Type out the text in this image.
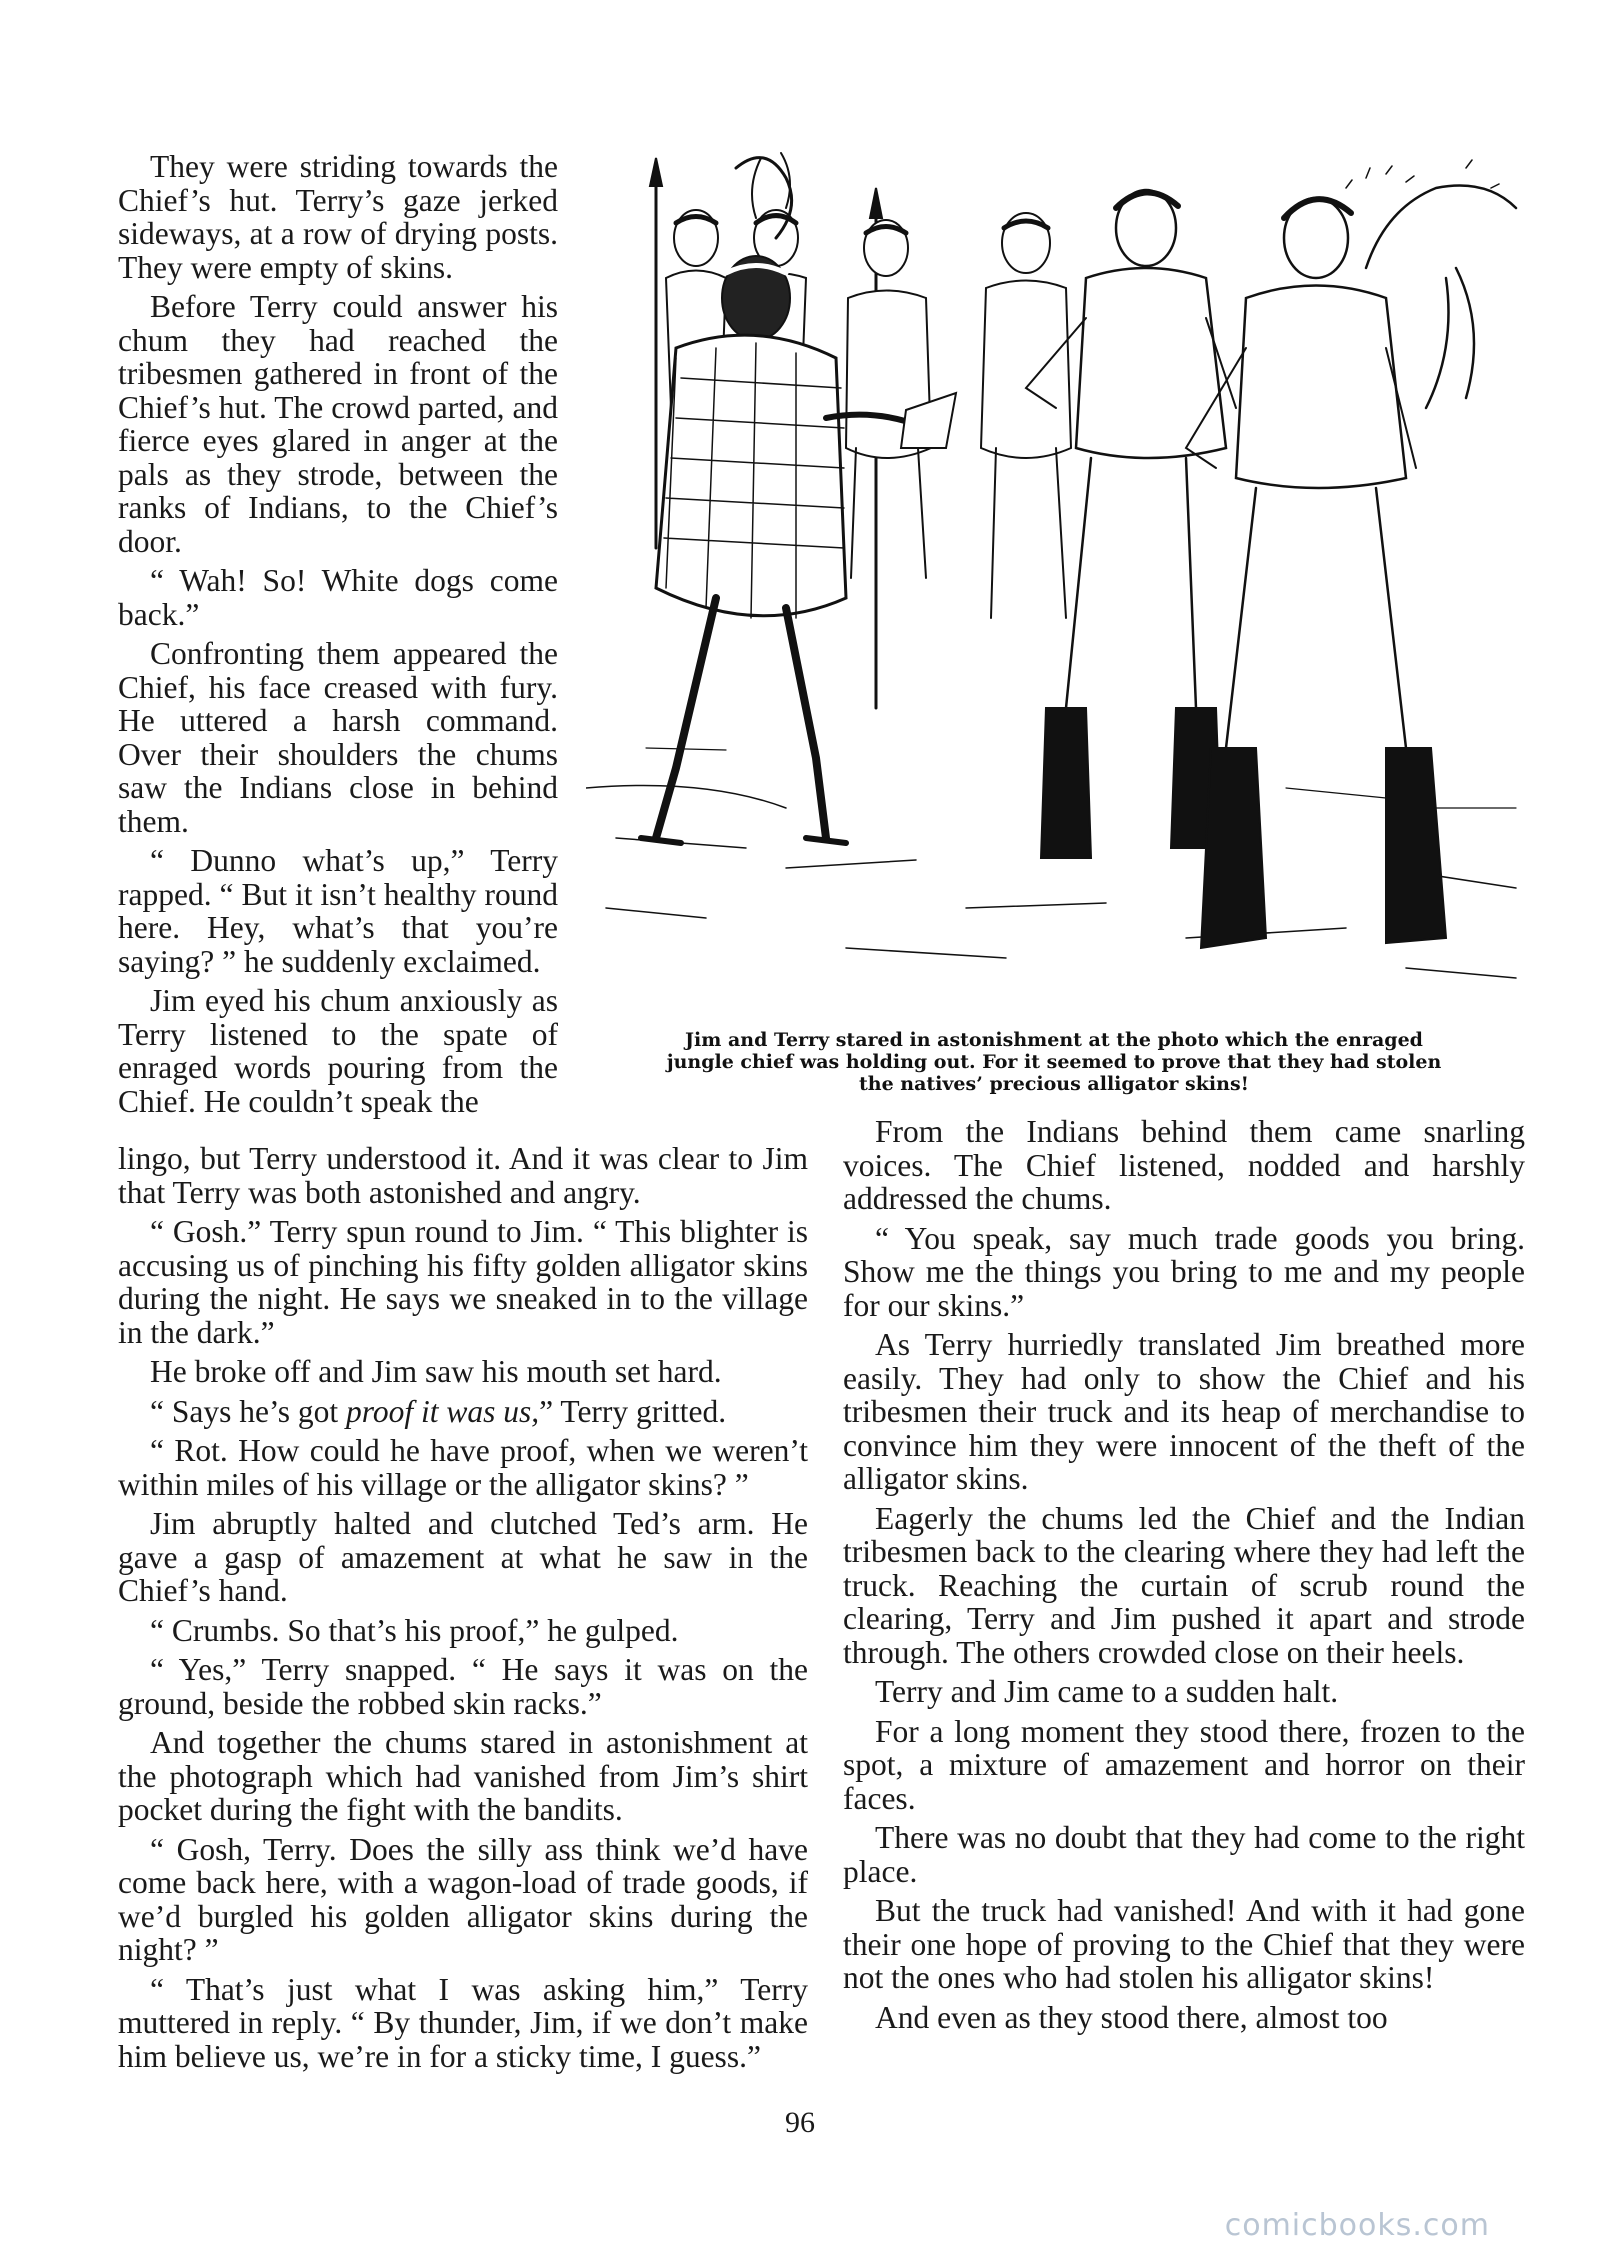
They were striding towards the Chief’s hut. Terry’s gaze jerked sideways, at a row of drying posts. They were empty of skins.

Before Terry could answer his chum they had reached the tribesmen gathered in front of the Chief’s hut. The crowd parted, and fierce eyes glared in anger at the pals as they strode, between the ranks of Indians, to the Chief’s door.

“ Wah! So! White dogs come back.”

Confronting them appeared the Chief, his face creased with fury. He uttered a harsh command. Over their shoulders the chums saw the Indians close in behind them.

“ Dunno what’s up,” Terry rapped. “ But it isn’t healthy round here. Hey, what’s that you’re saying? ” he suddenly exclaimed.

Jim eyed his chum anxiously as Terry listened to the spate of enraged words pouring from the Chief. He couldn’t speak the

Jim and Terry stared in astonishment at the photo which the enraged
jungle chief was holding out. For it seemed to prove that they had stolen
the natives’ precious alligator skins!

lingo, but Terry understood it. And it was clear to Jim that Terry was both astonished and angry.

“ Gosh.” Terry spun round to Jim. “ This blighter is accusing us of pinching his fifty golden alligator skins during the night. He says we sneaked in to the village in the dark.”

He broke off and Jim saw his mouth set hard.

“ Says he’s got proof it was us,” Terry gritted.

“ Rot. How could he have proof, when we weren’t within miles of his village or the alligator skins? ”

Jim abruptly halted and clutched Ted’s arm. He gave a gasp of amazement at what he saw in the Chief’s hand.

“ Crumbs. So that’s his proof,” he gulped.

“ Yes,” Terry snapped. “ He says it was on the ground, beside the robbed skin racks.”

And together the chums stared in astonishment at the photograph which had vanished from Jim’s shirt pocket during the fight with the bandits.

“ Gosh, Terry. Does the silly ass think we’d have come back here, with a wagon-load of trade goods, if we’d burgled his golden alligator skins during the night? ”

“ That’s just what I was asking him,” Terry muttered in reply. “ By thunder, Jim, if we don’t make him believe us, we’re in for a sticky time, I guess.”

From the Indians behind them came snarling voices. The Chief listened, nodded and harshly addressed the chums.

“ You speak, say much trade goods you bring. Show me the things you bring to me and my people for our skins.”

As Terry hurriedly translated Jim breathed more easily. They had only to show the Chief and his tribesmen their truck and its heap of merchandise to convince him they were innocent of the theft of the alligator skins.

Eagerly the chums led the Chief and the Indian tribesmen back to the clearing where they had left the truck. Reaching the curtain of scrub round the clearing, Terry and Jim pushed it apart and strode through. The others crowded close on their heels.

Terry and Jim came to a sudden halt.

For a long moment they stood there, frozen to the spot, a mixture of amazement and horror on their faces.

There was no doubt that they had come to the right place.

But the truck had vanished! And with it had gone their one hope of proving to the Chief that they were not the ones who had stolen his alligator skins!

And even as they stood there, almost too

96
comicbooks.com
